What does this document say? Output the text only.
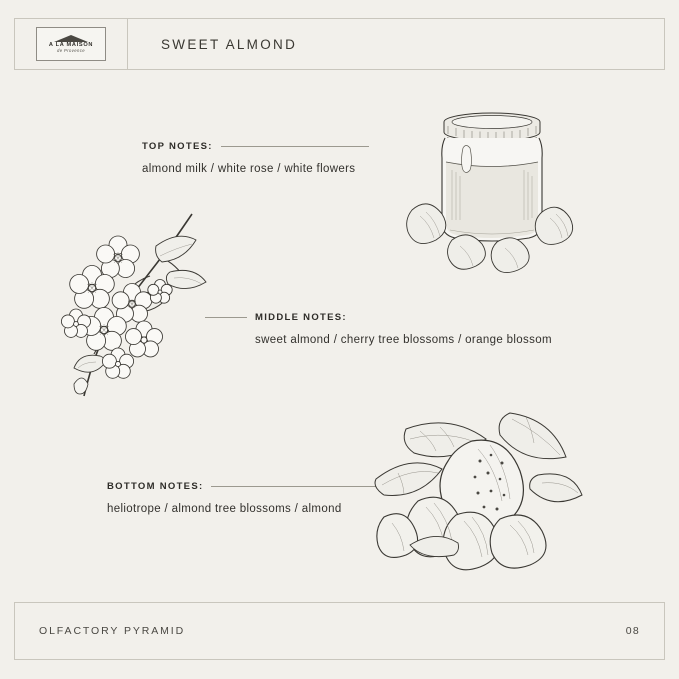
A LA MAISON
de Provence	SWEET ALMOND
TOP NOTES:
almond milk / white rose / white flowers
MIDDLE NOTES:
sweet almond / cherry tree blossoms / orange blossom
BOTTOM NOTES:
heliotrope / almond tree blossoms / almond
OLFACTORY PYRAMID	08
